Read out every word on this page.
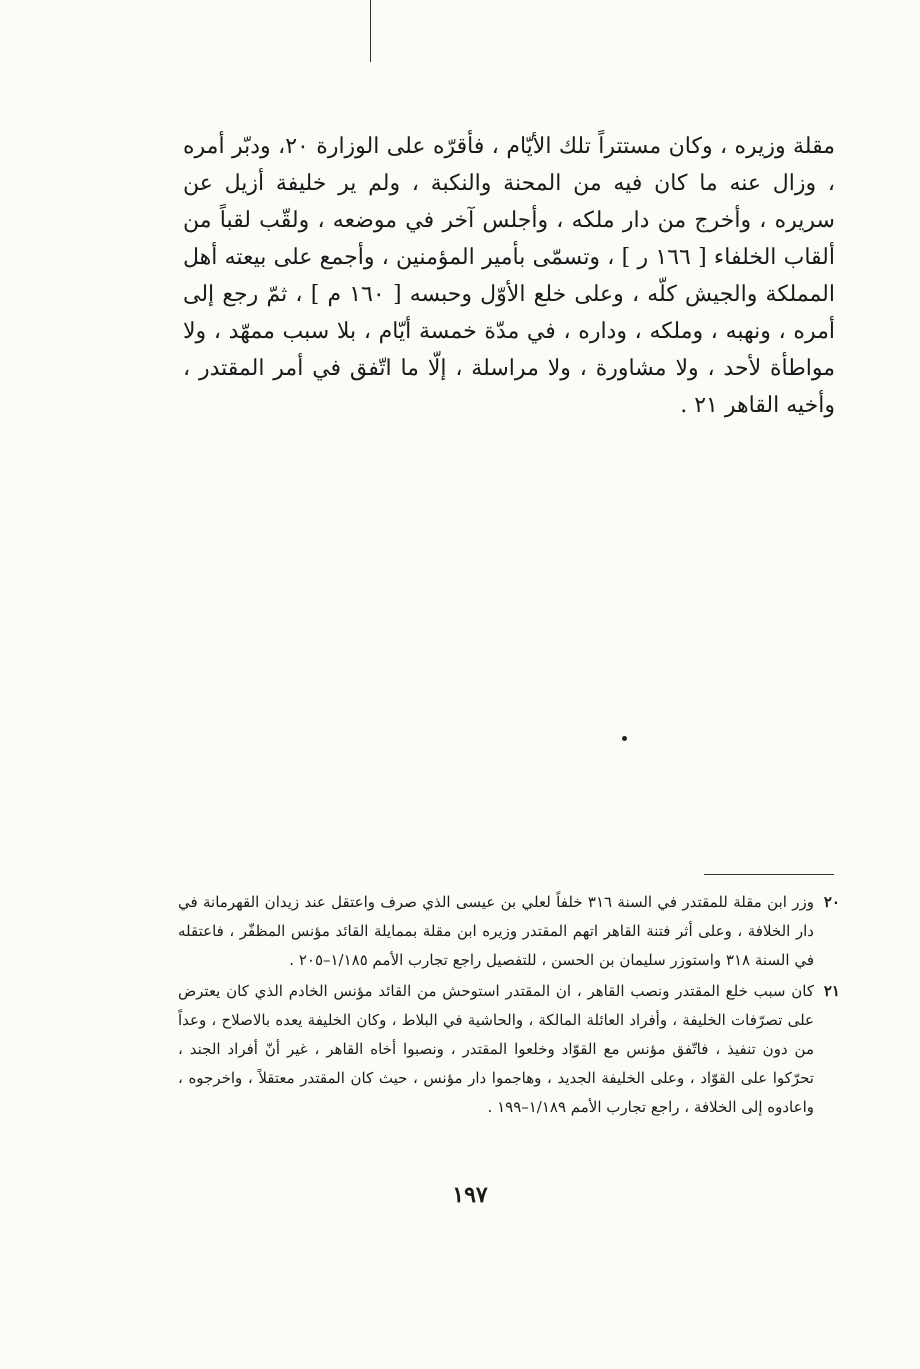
مقلة وزيره ، وكان مستتراً تلك الأيّام ، فأقرّه على الوزارة ٢٠، ودبّر أمره ، وزال عنه ما كان فيه من المحنة والنكبة ، ولم ير خليفة أزيل عن سريره ، وأخرج من دار ملكه ، وأجلس آخر في موضعه ، ولقّب لقباً من ألقاب الخلفاء [ ١٦٦ ر ] ، وتسمّى بأمير المؤمنين ، وأجمع على بيعته أهل المملكة والجيش كلّه ، وعلى خلع الأوّل وحبسه [ ١٦٠ م ] ، ثمّ رجع إلى أمره ، ونهبه ، وملكه ، وداره ، في مدّة خمسة أيّام ، بلا سبب ممهّد ، ولا مواطأة لأحد ، ولا مشاورة ، ولا مراسلة ، إلّا ما اتّفق في أمر المقتدر ، وأخيه القاهر ٢١ .

٢٠
وزر ابن مقلة للمقتدر في السنة ٣١٦ خلفاً لعلي بن عيسى الذي صرف واعتقل عند زيدان القهرمانة في دار الخلافة ، وعلى أثر فتنة القاهر اتهم المقتدر وزيره ابن مقلة بممايلة القائد مؤنس المظفّر ، فاعتقله في السنة ٣١٨ واستوزر سليمان بن الحسن ، للتفصيل راجع تجارب الأمم ١/١٨٥–٢٠٥ .
٢١
كان سبب خلع المقتدر ونصب القاهر ، ان المقتدر استوحش من القائد مؤنس الخادم الذي كان يعترض على تصرّفات الخليفة ، وأفراد العائلة المالكة ، والحاشية في البلاط ، وكان الخليفة يعده بالاصلاح ، وعداً من دون تنفيذ ، فاتّفق مؤنس مع القوّاد وخلعوا المقتدر ، ونصبوا أخاه القاهر ، غير أنّ أفراد الجند ، تحرّكوا على القوّاد ، وعلى الخليفة الجديد ، وهاجموا دار مؤنس ، حيث كان المقتدر معتقلاً ، واخرجوه ، واعادوه إلى الخلافة ، راجع تجارب الأمم ١/١٨٩–١٩٩ .
١٩٧
